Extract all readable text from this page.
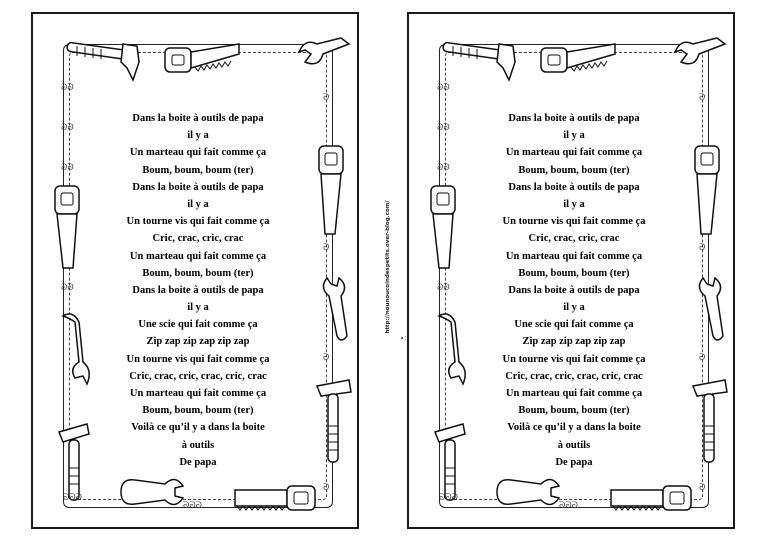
ᘐᘐ
ᘐᘐ
ᘐᘐ
ᘐᘐ
ᘐ
ᘐ
ᘐ
ᘐ
ᘐᘐᘐ
ᘐᘐᘐ
Dans la boite à outils de papa
il y a
Un marteau qui fait comme ça
Boum, boum, boum (ter)
Dans la boite à outils de papa
il y a
Un tourne vis qui fait comme ça
Cric, crac, cric, crac
Un marteau qui fait comme ça
Boum, boum, boum (ter)
Dans la boite à outils de papa
il y a
Une scie qui fait comme ça
Zip zap zip zap zip zap
Un tourne vis qui fait comme ça
Cric, crac, cric, crac, cric, crac
Un marteau qui fait comme ça
Boum, boum, boum (ter)
Voilà ce qu’il y a dans la boite
à outils
De papa
ᘐᘐ
ᘐᘐ
ᘐᘐ
ᘐᘐ
ᘐ
ᘐ
ᘐ
ᘐ
ᘐᘐᘐ
ᘐᘐᘐ
Dans la boite à outils de papa
il y a
Un marteau qui fait comme ça
Boum, boum, boum (ter)
Dans la boite à outils de papa
il y a
Un tourne vis qui fait comme ça
Cric, crac, cric, crac
Un marteau qui fait comme ça
Boum, boum, boum (ter)
Dans la boite à outils de papa
il y a
Une scie qui fait comme ça
Zip zap zip zap zip zap
Un tourne vis qui fait comme ça
Cric, crac, cric, crac, cric, crac
Un marteau qui fait comme ça
Boum, boum, boum (ter)
Voilà ce qu’il y a dans la boite
à outils
De papa
http://nounoucoindespetits.over-blog.com/
∙:
